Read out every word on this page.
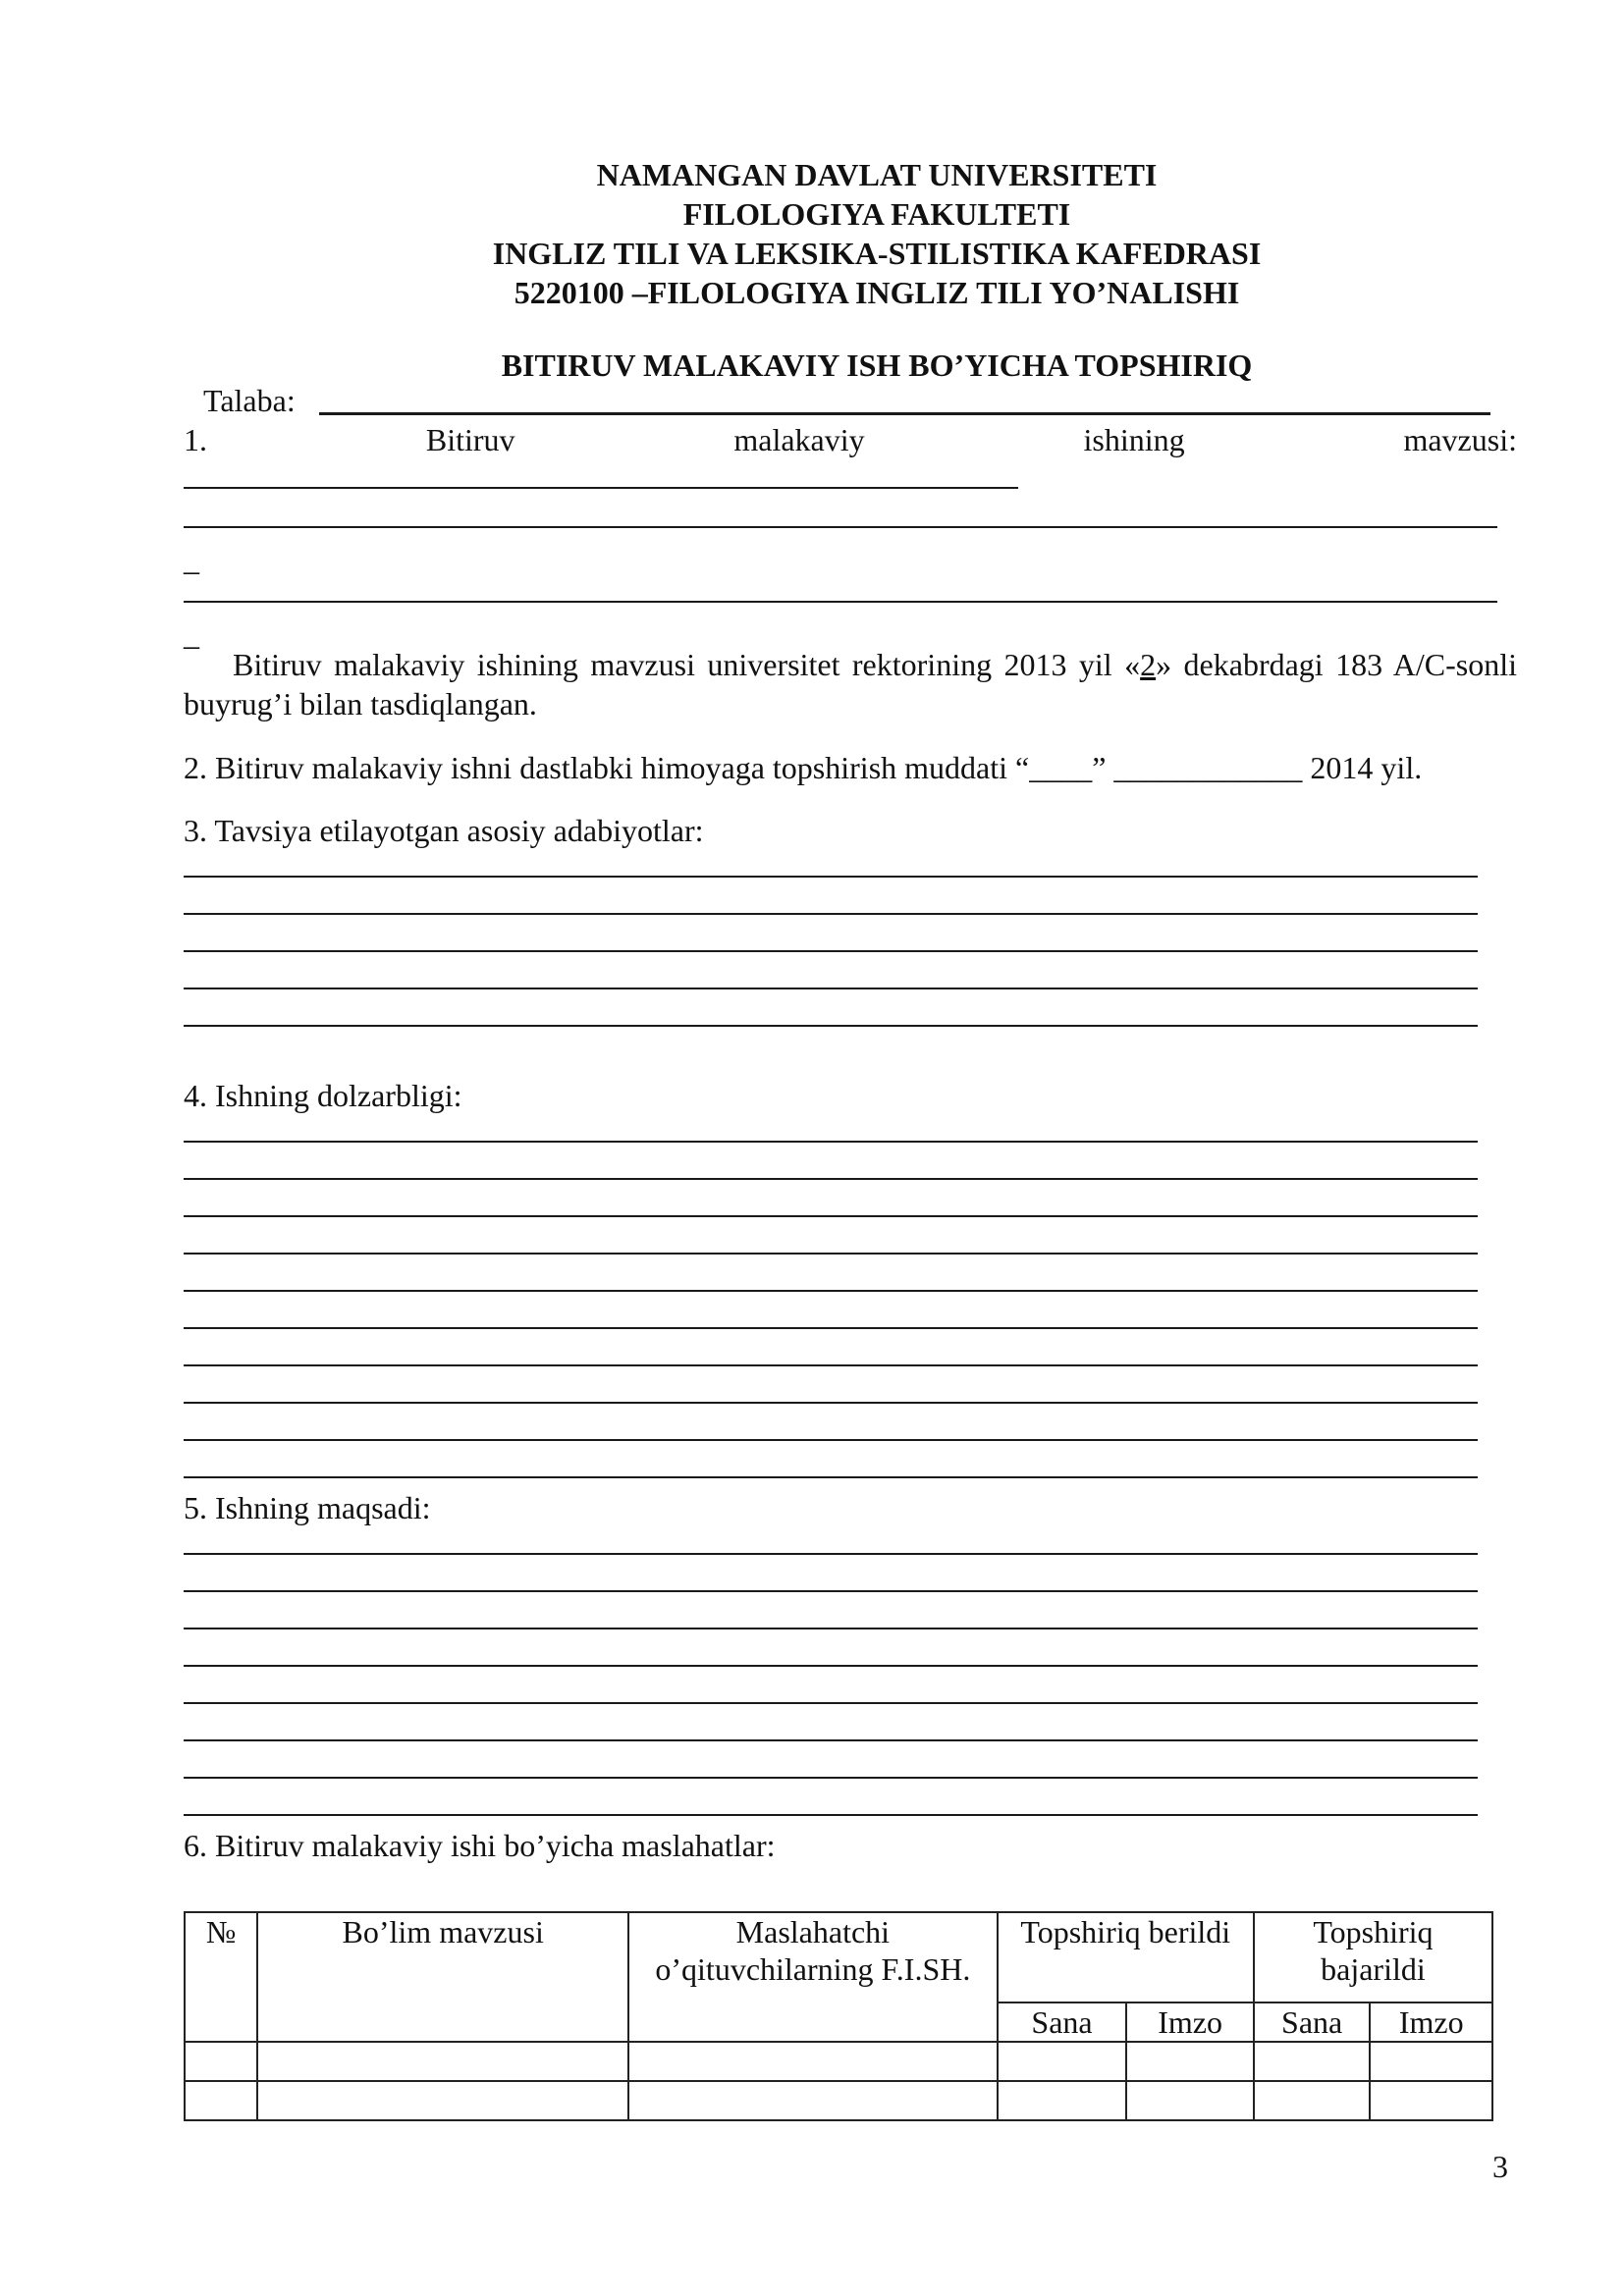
NAMANGAN DAVLAT UNIVERSITETI
FILOLOGIYA FAKULTETI
INGLIZ TILI VA LEKSIKA-STILISTIKA KAFEDRASI
5220100 –FILOLOGIYA INGLIZ TILI YO’NALISHI
BITIRUV MALAKAVIY ISH BO’YICHA TOPSHIRIQ
Talaba:
1.	Bitiruv	malakaviy	ishining	mavzusi:
_
_
Bitiruv malakaviy ishining mavzusi universitet rektorining 2013 yil «2» dekabrdagi 183 A/C-sonli buyrug’i bilan tasdiqlangan.
2. Bitiruv malakaviy ishni dastlabki himoyaga topshirish muddati “____” ____________ 2014 yil.
3. Tavsiya etilayotgan asosiy adabiyotlar:
4. Ishning dolzarbligi:
5. Ishning maqsadi:
6. Bitiruv malakaviy ishi bo’yicha maslahatlar:
№	Bo’lim mavzusi	Maslahatchi o’qituvchilarning F.I.SH.	Topshiriq berildi		Topshiriq bajarildi	
			Sana	Imzo	Sana	Imzo

3
